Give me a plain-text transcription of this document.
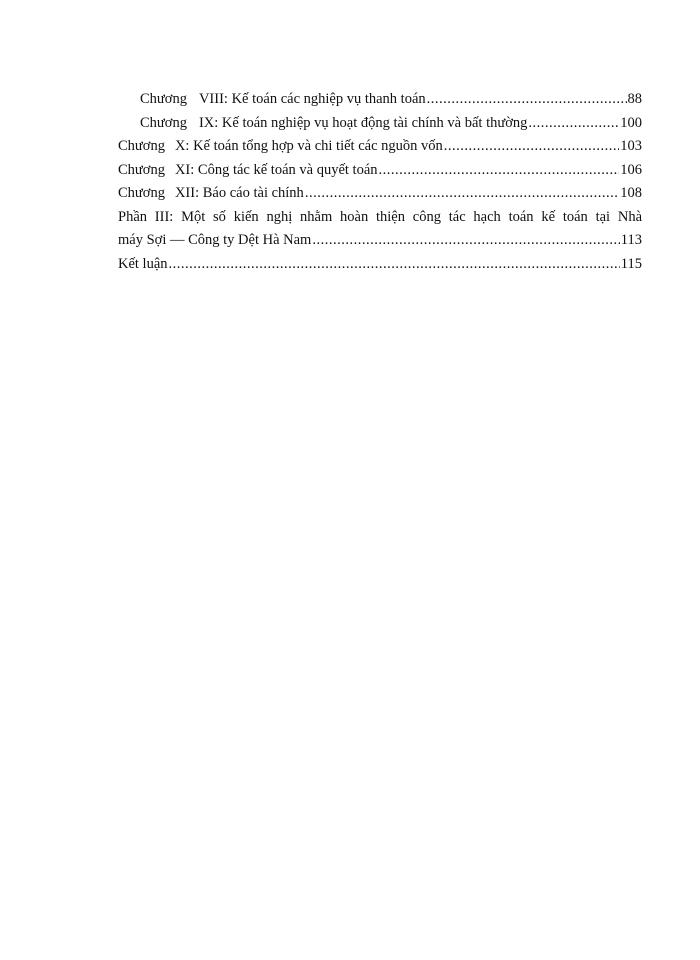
Chương VIII: Kế toán các nghiệp vụ thanh toán .....	88
Chương IX: Kế toán nghiệp vụ hoạt động tài chính và bất thường .....	100
Chương X: Kế toán tổng hợp và chi tiết các nguồn vốn .....	103
Chương XI: Công tác kế toán và quyết toán .....	106
Chương XII: Báo cáo tài chính .....	108
Phần III: Một số kiến nghị nhằm hoàn thiện công tác hạch toán kế toán tại Nhà
máy Sợi — Công ty Dệt Hà Nam .....	113
Kết luận .....	115
